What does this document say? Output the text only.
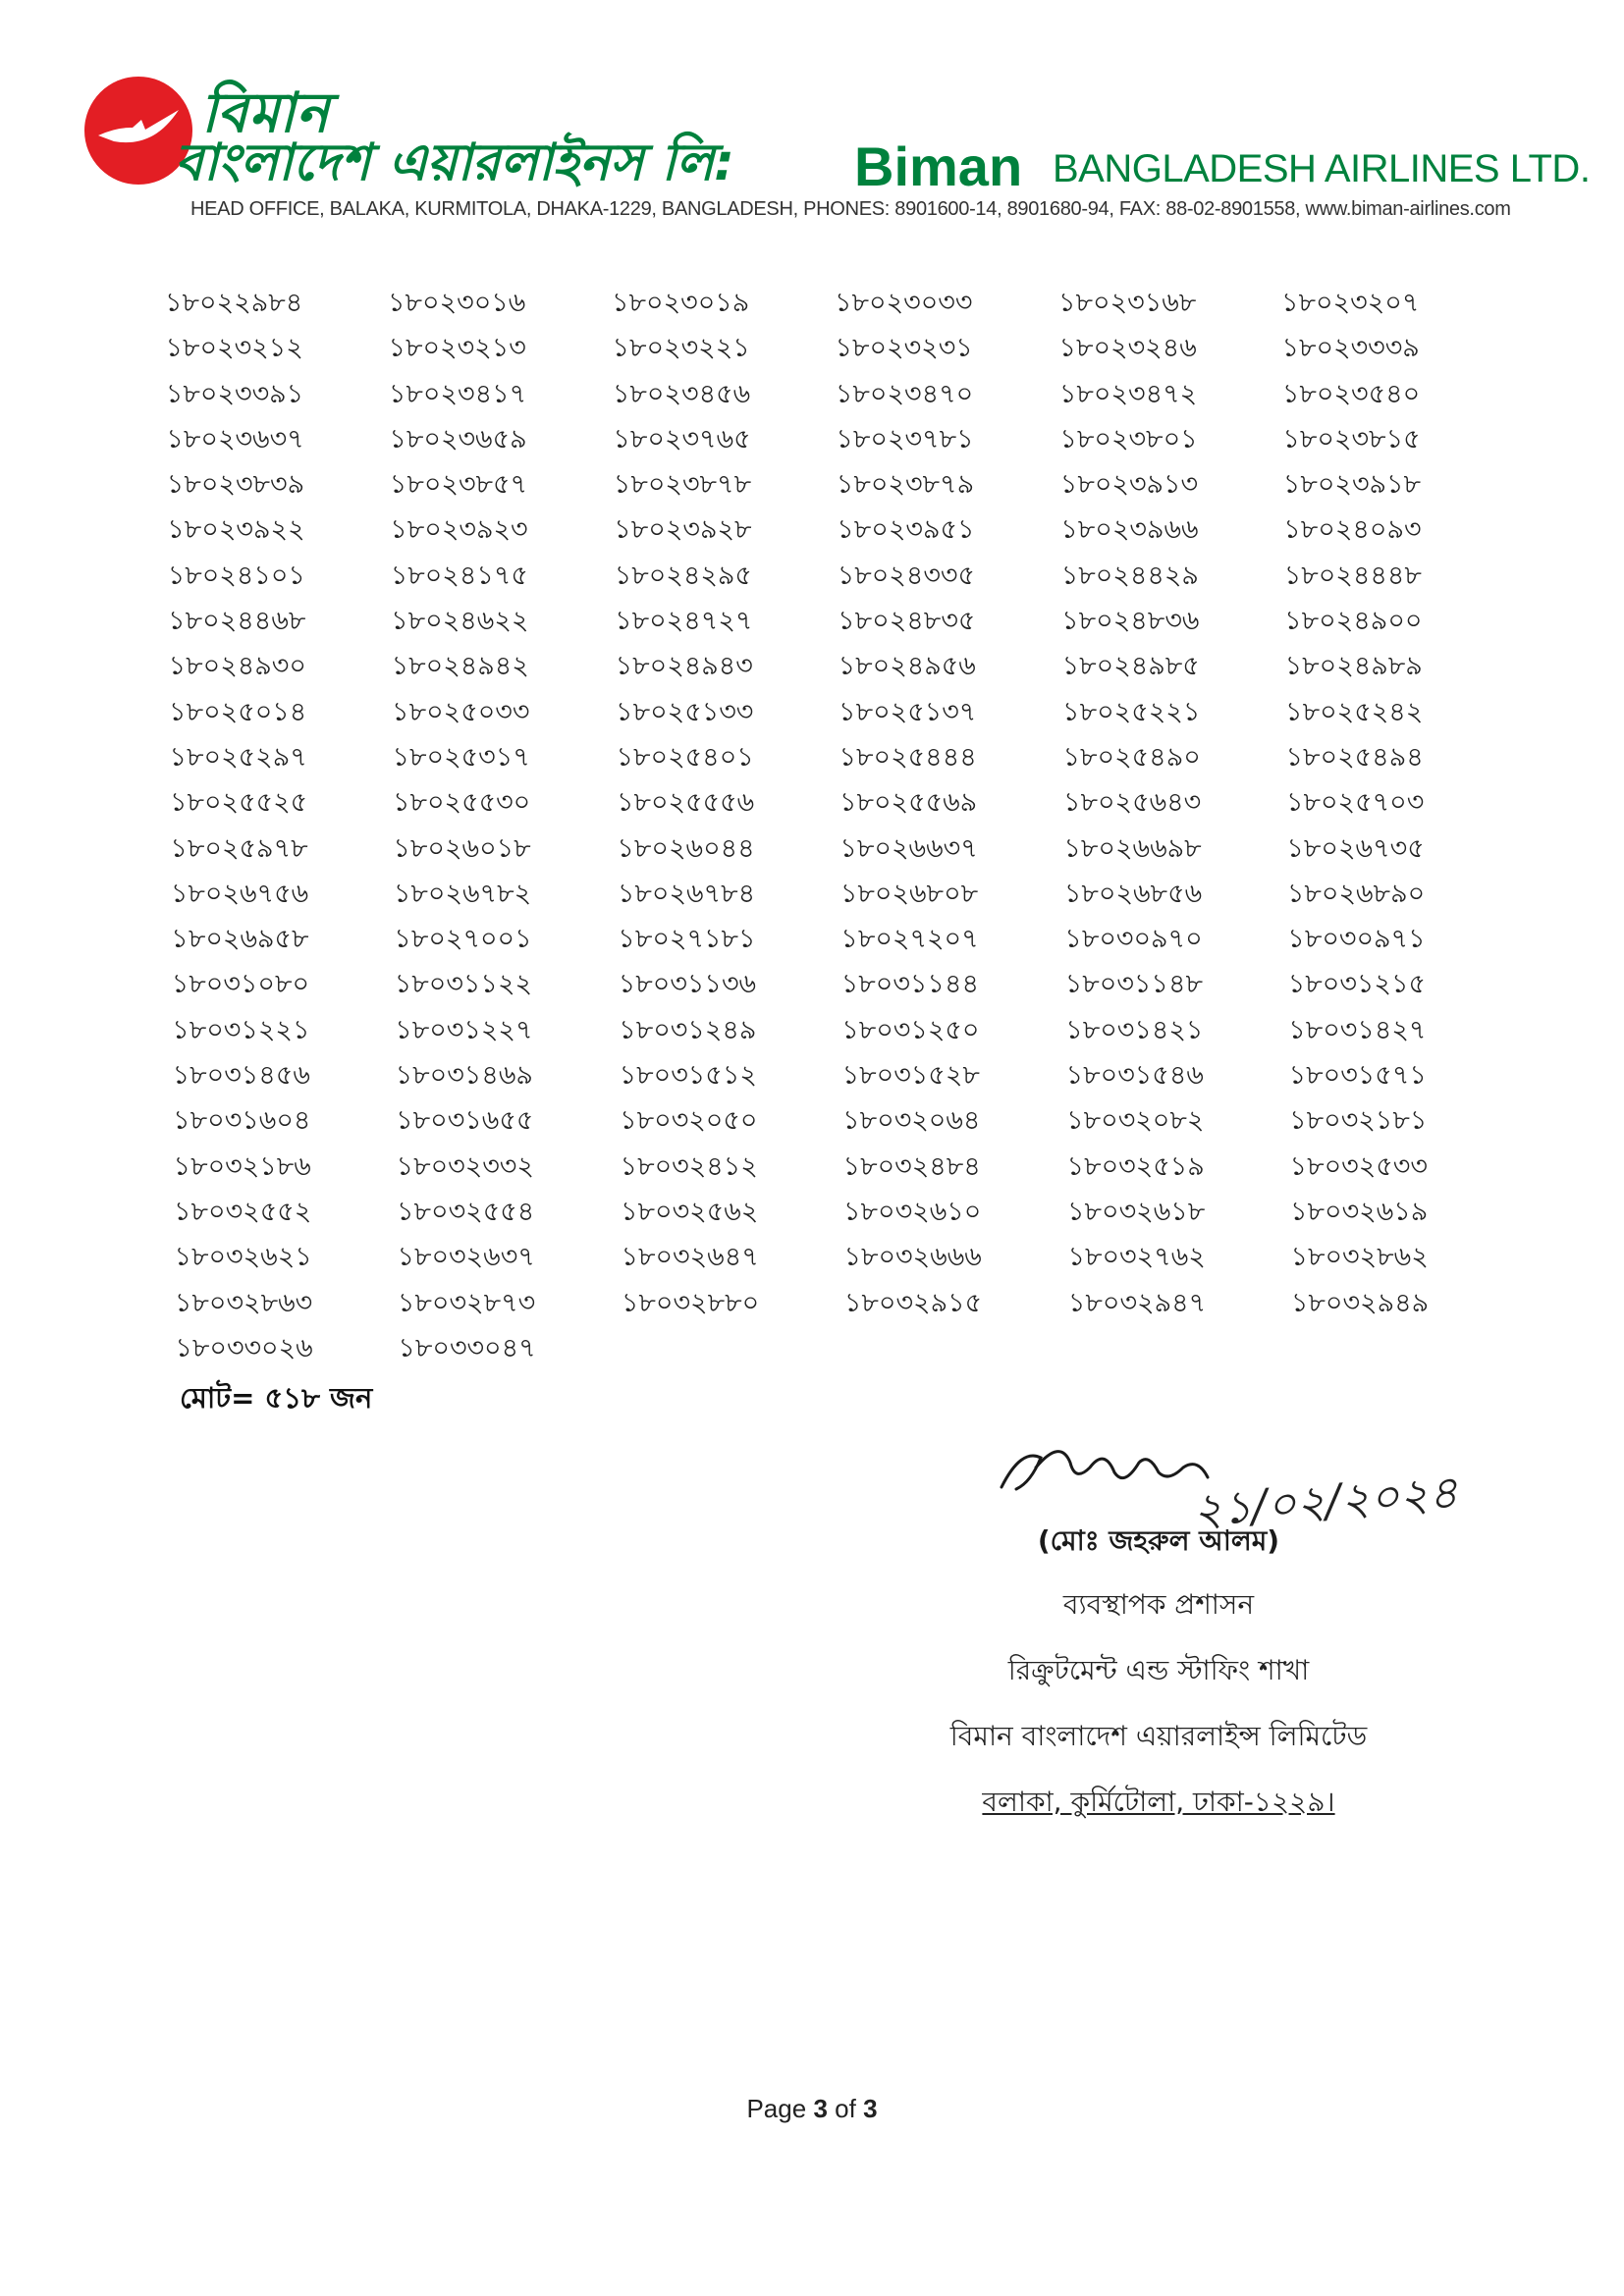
বিমান
বাংলাদেশ এয়ারলাইনস লি: Biman BANGLADESH AIRLINES LTD.
HEAD OFFICE, BALAKA, KURMITOLA, DHAKA-1229, BANGLADESH, PHONES: 8901600-14, 8901680-94, FAX: 88-02-8901558, www.biman-airlines.com
১৮০২২৯৮৪	১৮০২৩০১৬	১৮০২৩০১৯	১৮০২৩০৩৩	১৮০২৩১৬৮	১৮০২৩২০৭
১৮০২৩২১২	১৮০২৩২১৩	১৮০২৩২২১	১৮০২৩২৩১	১৮০২৩২৪৬	১৮০২৩৩৩৯
১৮০২৩৩৯১	১৮০২৩৪১৭	১৮০২৩৪৫৬	১৮০২৩৪৭০	১৮০২৩৪৭২	১৮০২৩৫৪০
১৮০২৩৬৩৭	১৮০২৩৬৫৯	১৮০২৩৭৬৫	১৮০২৩৭৮১	১৮০২৩৮০১	১৮০২৩৮১৫
১৮০২৩৮৩৯	১৮০২৩৮৫৭	১৮০২৩৮৭৮	১৮০২৩৮৭৯	১৮০২৩৯১৩	১৮০২৩৯১৮
১৮০২৩৯২২	১৮০২৩৯২৩	১৮০২৩৯২৮	১৮০২৩৯৫১	১৮০২৩৯৬৬	১৮০২৪০৯৩
১৮০২৪১০১	১৮০২৪১৭৫	১৮০২৪২৯৫	১৮০২৪৩৩৫	১৮০২৪৪২৯	১৮০২৪৪৪৮
১৮০২৪৪৬৮	১৮০২৪৬২২	১৮০২৪৭২৭	১৮০২৪৮৩৫	১৮০২৪৮৩৬	১৮০২৪৯০০
১৮০২৪৯৩০	১৮০২৪৯৪২	১৮০২৪৯৪৩	১৮০২৪৯৫৬	১৮০২৪৯৮৫	১৮০২৪৯৮৯
১৮০২৫০১৪	১৮০২৫০৩৩	১৮০২৫১৩৩	১৮০২৫১৩৭	১৮০২৫২২১	১৮০২৫২৪২
১৮০২৫২৯৭	১৮০২৫৩১৭	১৮০২৫৪০১	১৮০২৫৪৪৪	১৮০২৫৪৯০	১৮০২৫৪৯৪
১৮০২৫৫২৫	১৮০২৫৫৩০	১৮০২৫৫৫৬	১৮০২৫৫৬৯	১৮০২৫৬৪৩	১৮০২৫৭০৩
১৮০২৫৯৭৮	১৮০২৬০১৮	১৮০২৬০৪৪	১৮০২৬৬৩৭	১৮০২৬৬৯৮	১৮০২৬৭৩৫
১৮০২৬৭৫৬	১৮০২৬৭৮২	১৮০২৬৭৮৪	১৮০২৬৮০৮	১৮০২৬৮৫৬	১৮০২৬৮৯০
১৮০২৬৯৫৮	১৮০২৭০০১	১৮০২৭১৮১	১৮০২৭২০৭	১৮০৩০৯৭০	১৮০৩০৯৭১
১৮০৩১০৮০	১৮০৩১১২২	১৮০৩১১৩৬	১৮০৩১১৪৪	১৮০৩১১৪৮	১৮০৩১২১৫
১৮০৩১২২১	১৮০৩১২২৭	১৮০৩১২৪৯	১৮০৩১২৫০	১৮০৩১৪২১	১৮০৩১৪২৭
১৮০৩১৪৫৬	১৮০৩১৪৬৯	১৮০৩১৫১২	১৮০৩১৫২৮	১৮০৩১৫৪৬	১৮০৩১৫৭১
১৮০৩১৬০৪	১৮০৩১৬৫৫	১৮০৩২০৫০	১৮০৩২০৬৪	১৮০৩২০৮২	১৮০৩২১৮১
১৮০৩২১৮৬	১৮০৩২৩৩২	১৮০৩২৪১২	১৮০৩২৪৮৪	১৮০৩২৫১৯	১৮০৩২৫৩৩
১৮০৩২৫৫২	১৮০৩২৫৫৪	১৮০৩২৫৬২	১৮০৩২৬১০	১৮০৩২৬১৮	১৮০৩২৬১৯
১৮০৩২৬২১	১৮০৩২৬৩৭	১৮০৩২৬৪৭	১৮০৩২৬৬৬	১৮০৩২৭৬২	১৮০৩২৮৬২
১৮০৩২৮৬৩	১৮০৩২৮৭৩	১৮০৩২৮৮০	১৮০৩২৯১৫	১৮০৩২৯৪৭	১৮০৩২৯৪৯
১৮০৩৩০২৬	১৮০৩৩০৪৭
মোট= ৫১৮ জন
২১/০২/২০২৪

(মোঃ জহরুল আলম)

ব্যবস্থাপক প্রশাসন

রিক্রুটমেন্ট এন্ড স্টাফিং শাখা

বিমান বাংলাদেশ এয়ারলাইন্স লিমিটেড

বলাকা, কুর্মিটোলা, ঢাকা-১২২৯।

Page 3 of 3
